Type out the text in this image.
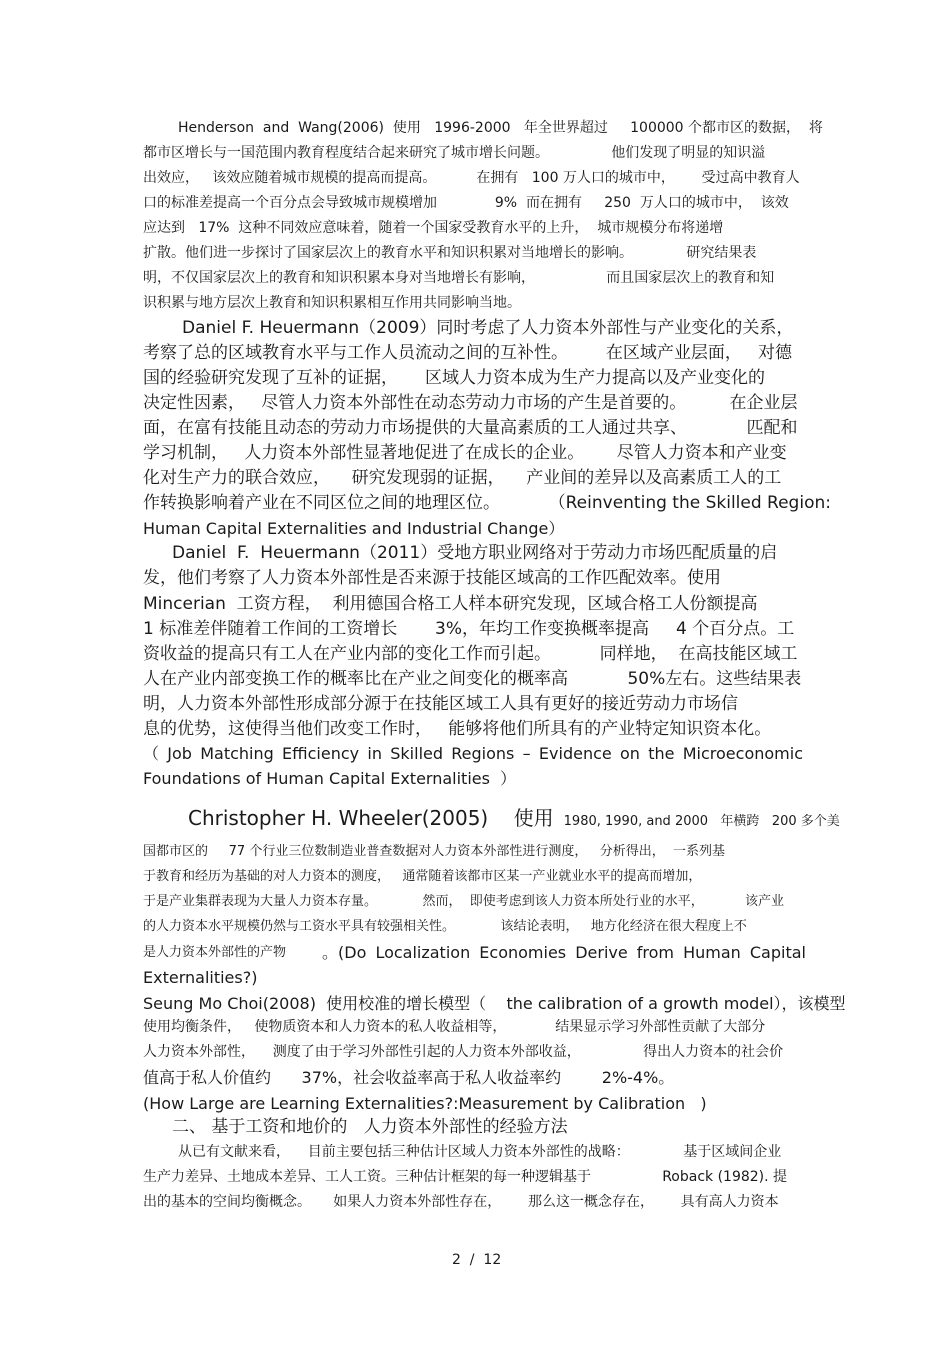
Henderson  and  Wang(2006)  使用   1996-2000   年全世界超过     100000 个都市区的数据，  将
都市区增长与一国范围内教育程度结合起来研究了城市增长问题。              他们发现了明显的知识溢
出效应，   该效应随着城市规模的提高而提高。         在拥有   100 万人口的城市中，      受过高中教育人
口的标准差提高一个百分点会导致城市规模增加             9%  而在拥有     250  万人口的城市中，  该效
应达到   17%  这种不同效应意味着，随着一个国家受教育水平的上升，  城市规模分布将递增
扩散。他们进一步探讨了国家层次上的教育水平和知识积累对当地增长的影响。            研究结果表
明，不仅国家层次上的教育和知识积累本身对当地增长有影响，                而且国家层次上的教育和知
识积累与地方层次上教育和知识积累相互作用共同影响当地。
Daniel F. Heuermann（2009）同时考虑了人力资本外部性与产业变化的关系，
考察了总的区域教育水平与工作人员流动之间的互补性。       在区域产业层面，   对德
国的经验研究发现了互补的证据，     区域人力资本成为生产力提高以及产业变化的
决定性因素，   尽管人力资本外部性在动态劳动力市场的产生是首要的。        在企业层
面，在富有技能且动态的劳动力市场提供的大量高素质的工人通过共享、           匹配和
学习机制，   人力资本外部性显著地促进了在成长的企业。      尽管人力资本和产业变
化对生产力的联合效应，    研究发现弱的证据，    产业间的差异以及高素质工人的工
作转换影响着产业在不同区位之间的地理区位。         （Reinventing the Skilled Region:
Human Capital Externalities and Industrial Change）
Daniel  F.  Heuermann（2011）受地方职业网络对于劳动力市场匹配质量的启
发，他们考察了人力资本外部性是否来源于技能区域高的工作匹配效率。使用
Mincerian  工资方程，  利用德国合格工人样本研究发现，区域合格工人份额提高
1 标准差伴随着工作间的工资增长       3%，年均工作变换概率提高     4 个百分点。工
资收益的提高只有工人在产业内部的变化工作而引起。         同样地，  在高技能区域工
人在产业内部变换工作的概率比在产业之间变化的概率高           50%左右。这些结果表
明，人力资本外部性形成部分源于在技能区域工人具有更好的接近劳动力市场信
息的优势，这使得当他们改变工作时，   能够将他们所具有的产业特定知识资本化。
（ Job Matching Efficiency in Skilled Regions – Evidence on the Microeconomic
Foundations of Human Capital Externalities  ）
Christopher H. Wheeler(2005)    使用 1980, 1990, and 2000   年横跨   200 多个美
国都市区的     77 个行业三位数制造业普查数据对人力资本外部性进行测度，   分析得出，  一系列基
于教育和经历为基础的对人力资本的测度，   通常随着该都市区某一产业就业水平的提高而增加，
于是产业集群表现为大量人力资本存量。           然而，  即使考虑到该人力资本所处行业的水平，          该产业
的人力资本水平规模仍然与工资水平具有较强相关性。           该结论表明，   地方化经济在很大程度上不
是人力资本外部性的产物 。(Do Localization Economies Derive from Human Capital
Externalities?)
Seung Mo Choi(2008)  使用校准的增长模型（    the calibration of a growth model），该模型
使用均衡条件，   使物质资本和人力资本的私人收益相等，           结果显示学习外部性贡献了大部分
人力资本外部性，    测度了由于学习外部性引起的人力资本外部收益，              得出人力资本的社会价
值高于私人价值约      37%，社会收益率高于私人收益率约        2%-4%。
(How Large are Learning Externalities?:Measurement by Calibration   )
二、 基于工资和地价的   人力资本外部性的经验方法
从已有文献来看，    目前主要包括三种估计区域人力资本外部性的战略：            基于区域间企业
生产力差异、土地成本差异、工人工资。三种估计框架的每一种逻辑基于                Roback (1982). 提
出的基本的空间均衡概念。     如果人力资本外部性存在，      那么这一概念存在，      具有高人力资本
2  /  12
